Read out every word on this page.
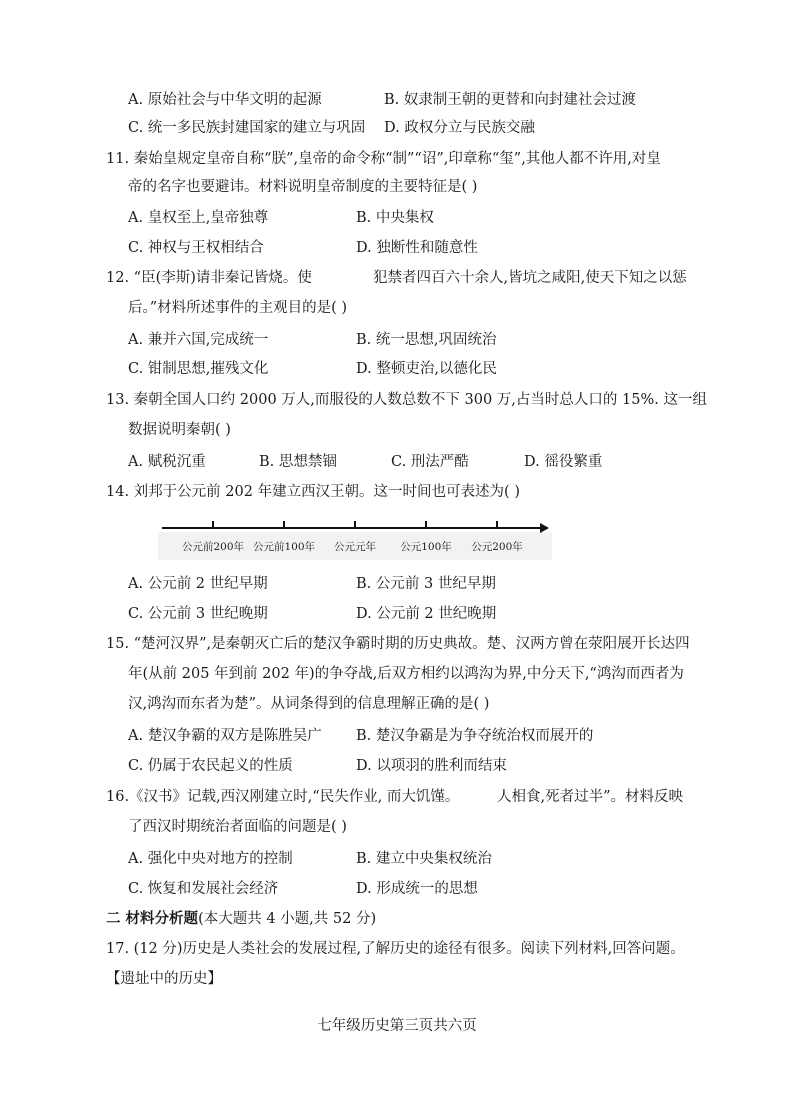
A. 原始社会与中华文明的起源	B. 奴隶制王朝的更替和向封建社会过渡
C. 统一多民族封建国家的建立与巩固 D. 政权分立与民族交融
11. 秦始皇规定皇帝自称“朕”,皇帝的命令称“制”“诏”,印章称“玺”,其他人都不许用,对皇
帝的名字也要避讳。材料说明皇帝制度的主要特征是( )
A. 皇权至上,皇帝独尊	B. 中央集权
C. 神权与王权相结合	D. 独断性和随意性
12. “臣(李斯)请非秦记皆烧。使	犯禁者四百六十余人,皆坑之咸阳,使天下知之以惩
后。”材料所述事件的主观目的是( )
A. 兼并六国,完成统一	B. 统一思想,巩固统治
C. 钳制思想,摧残文化	D. 整顿吏治,以德化民
13. 秦朝全国人口约 2000 万人,而服役的人数总数不下 300 万,占当时总人口的 15%. 这一组
数据说明秦朝( )
A. 赋税沉重	B. 思想禁锢	C. 刑法严酷	D. 徭役繁重
14. 刘邦于公元前 202 年建立西汉王朝。这一时间也可表述为( )
公元前200年 公元前100年 公元元年 公元100年 公元200年
A. 公元前 2 世纪早期	B. 公元前 3 世纪早期
C. 公元前 3 世纪晚期	D. 公元前 2 世纪晚期
15. “楚河汉界”,是秦朝灭亡后的楚汉争霸时期的历史典故。楚、汉两方曾在荥阳展开长达四
年(从前 205 年到前 202 年)的争夺战,后双方相约以鸿沟为界,中分天下,“鸿沟而西者为
汉,鸿沟而东者为楚”。从词条得到的信息理解正确的是( )
A. 楚汉争霸的双方是陈胜吴广 B. 楚汉争霸是为争夺统治权而展开的
C. 仍属于农民起义的性质	D. 以项羽的胜利而结束
16.《汉书》记载,西汉刚建立时,“民失作业, 而大饥馑。	人相食,死者过半”。材料反映
了西汉时期统治者面临的问题是( )
A. 强化中央对地方的控制	B. 建立中央集权统治
C. 恢复和发展社会经济	D. 形成统一的思想
二 材料分析题(本大题共 4 小题,共 52 分)
17. (12 分)历史是人类社会的发展过程,了解历史的途径有很多。阅读下列材料,回答问题。
【遗址中的历史】
七年级历史第三页共六页
